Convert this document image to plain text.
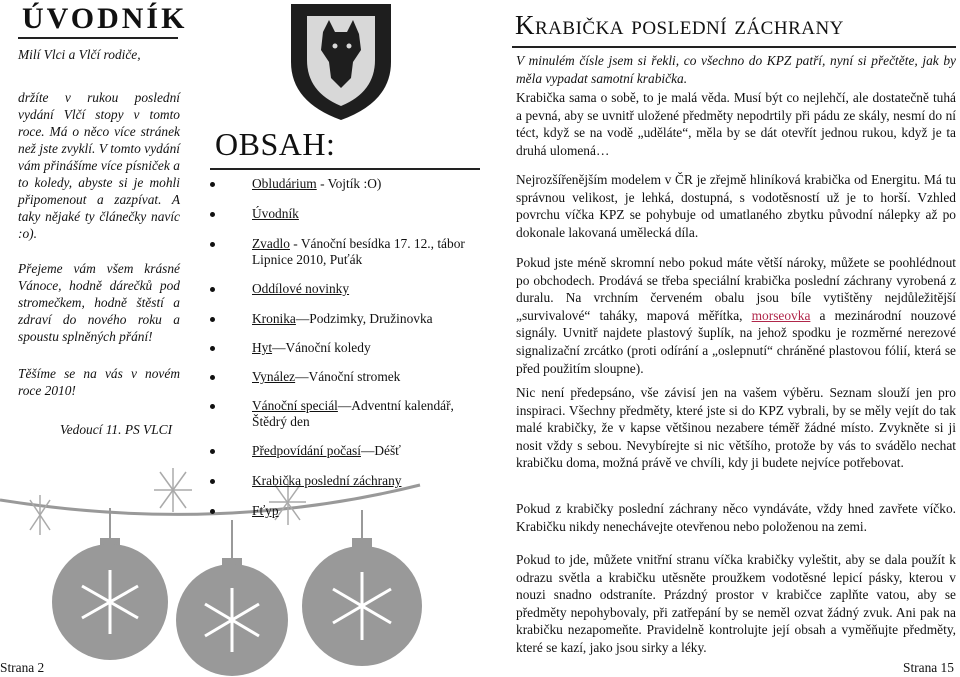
ÚVODNÍK
Milí Vlci a Vlčí rodiče,
držíte v rukou poslední vydání Vlčí stopy v tomto roce. Má o něco více stránek než jste zvyklí. V tomto vydání vám přinášíme více písniček a to koledy, abyste si je mohli připomenout a zazpívat. A taky nějaké ty článečky navíc :o).
Přejeme vám všem krásné Vánoce, hodně dárečků pod stromečkem, hodně štěstí a zdraví do nového roku a spoustu splněných přání!
Těšíme se na vás v novém roce 2010!
Vedoucí 11. PS VLCI
OBSAH:
Obludárium - Vojtík :O)
Úvodník
Zvadlo - Vánoční besídka 17. 12., tábor Lipnice 2010, Puťák
Oddílové novinky
Kronika—Podzimky, Družinovka
Hyt—Vánoční koledy
Vynález—Vánoční stromek
Vánoční speciál—Adventní kalendář, Štědrý den
Předpovídání počasí—Déšť
Krabička poslední záchrany
Fťyp
Krabička poslední záchrany

V minulém čísle jsem si řekli, co všechno do KPZ patří, nyní si přečtěte, jak by měla vypadat samotní krabička.

Krabička sama o sobě, to je malá věda. Musí být co nejlehčí, ale dostatečně tuhá a pevná, aby se uvnitř uložené předměty nepodrtily při pádu ze skály, nesmí do ní téct, když se na vodě „uděláte“, měla by se dát otevřít jednou rukou, když je ta druhá ulomená…

Nejrozšířenějším modelem v ČR je zřejmě hliníková krabička od Energitu. Má tu správnou velikost, je lehká, dostupná, s vodotěsností už je to horší. Vzhled povrchu víčka KPZ se pohybuje od umatlaného zbytku původní nálepky až po dokonale lakovaná umělecká díla.

Pokud jste méně skromní nebo pokud máte větší nároky, můžete se poohlédnout po obchodech. Prodává se třeba speciální krabička poslední záchrany vyrobená z duralu. Na vrchním červeném obalu jsou bíle vytištěny nejdůležitější „survivalové“ taháky, mapová měřítka, morseovka a mezinárodní nouzové signály. Uvnitř najdete plastový šuplík, na jehož spodku je rozměrné nerezové signalizační zrcátko (proti odírání a „oslepnutí“ chráněné plastovou fólií, která se před použitím sloupne).

Nic není předepsáno, vše závisí jen na vašem výběru. Seznam slouží jen pro inspiraci. Všechny předměty, které jste si do KPZ vybrali, by se měly vejít do tak malé krabičky, že v kapse většinou nezabere téměř žádné místo. Zvykněte si ji nosit vždy s sebou. Nevybírejte si nic většího, protože by vás to svádělo nechat krabičku doma, možná právě ve chvíli, kdy ji budete nejvíce potřebovat.

Pokud z krabičky poslední záchrany něco vyndáváte, vždy hned zavřete víčko. Krabičku nikdy nenechávejte otevřenou nebo položenou na zemi.

Pokud to jde, můžete vnitřní stranu víčka krabičky vyleštit, aby se dala použít k odrazu světla a krabičku utěsněte proužkem vodotěsné lepicí pásky, kterou v nouzi snadno odstraníte. Prázdný prostor v krabičce zaplňte vatou, aby se předměty nepohybovaly, při zatřepání by se neměl ozvat žádný zvuk. Ani pak na krabičku nezapomeňte. Pravidelně kontrolujte její obsah a vyměňujte předměty, které se kazí, jako jsou sirky a léky.

Strana 2	Strana 15
